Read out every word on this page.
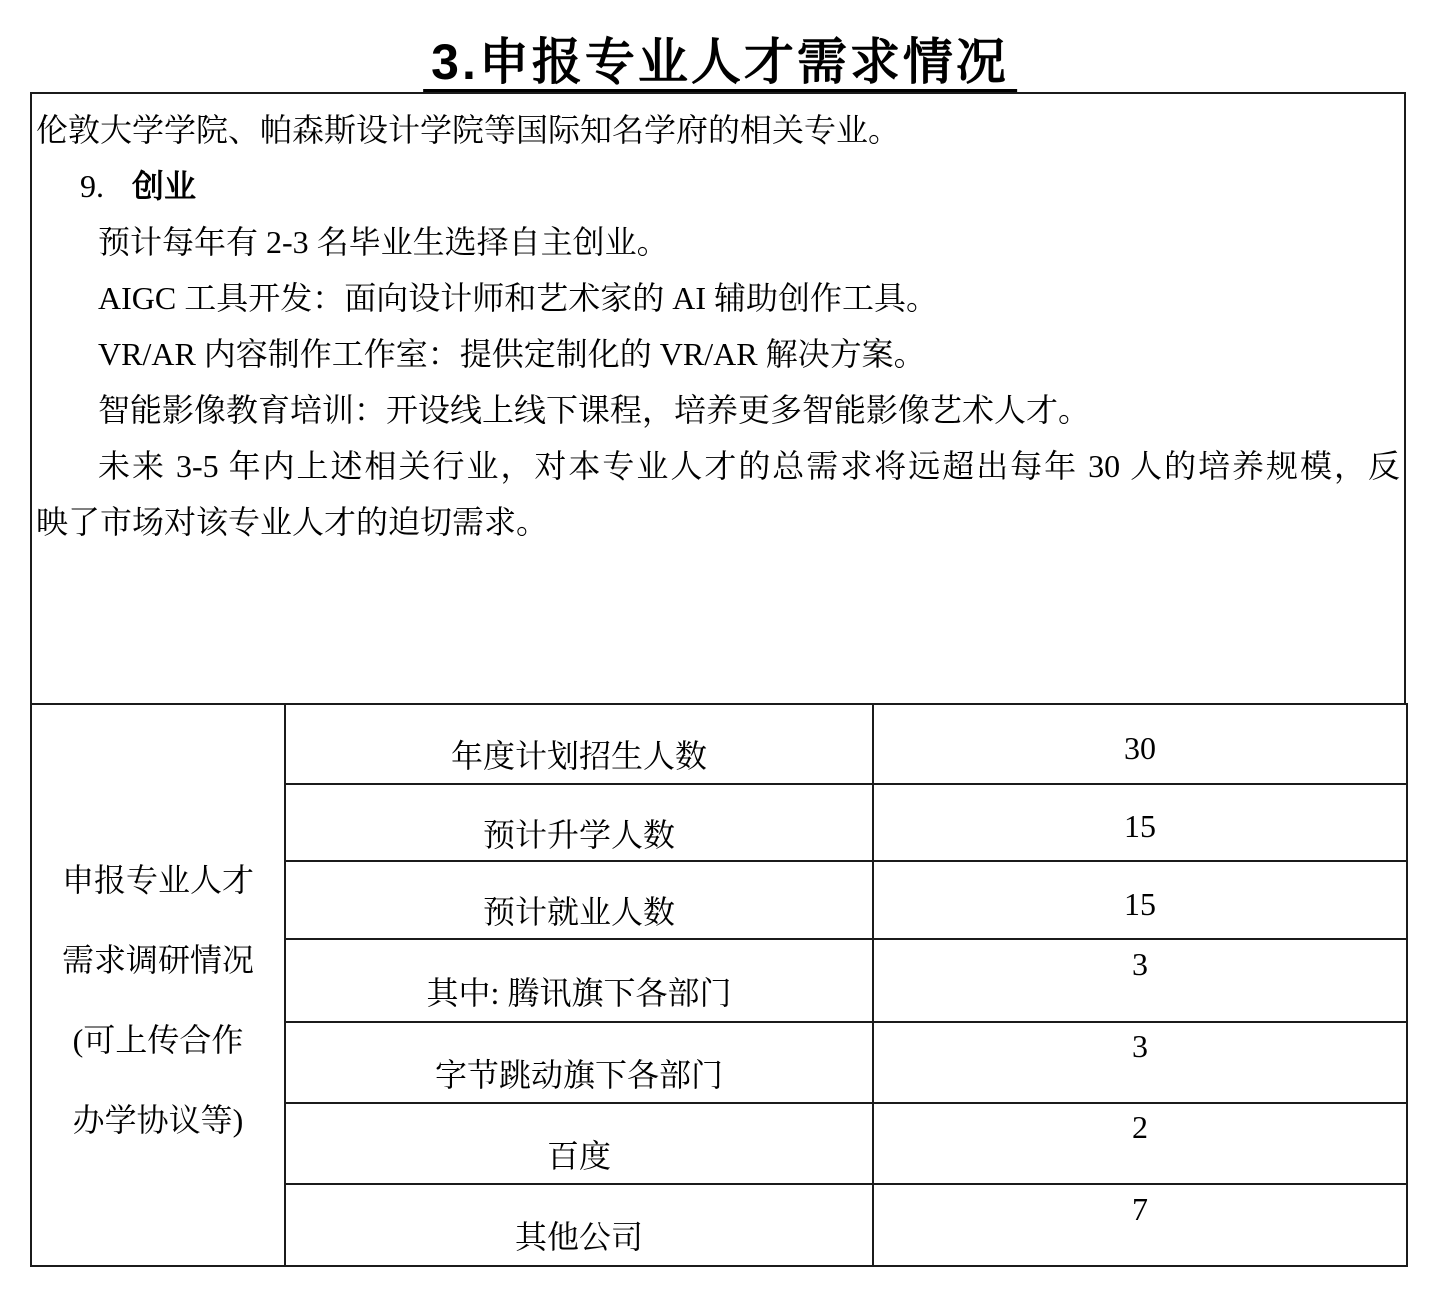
3.申报专业人才需求情况
伦敦大学学院、帕森斯设计学院等国际知名学府的相关专业。
9. 创业
预计每年有 2-3 名毕业生选择自主创业。
AIGC 工具开发：面向设计师和艺术家的 AI 辅助创作工具。
VR/AR 内容制作工作室：提供定制化的 VR/AR 解决方案。
智能影像教育培训：开设线上线下课程，培养更多智能影像艺术人才。
未来 3-5 年内上述相关行业，对本专业人才的总需求将远超出每年 30 人的培养规模，反
映了市场对该专业人才的迫切需求。
申报专业人才
需求调研情况
(可上传合作
办学协议等)	年度计划招生人数	30
	预计升学人数	15
	预计就业人数	15
	其中: 腾讯旗下各部门	3
	字节跳动旗下各部门	3
	百度	2
	其他公司	7
